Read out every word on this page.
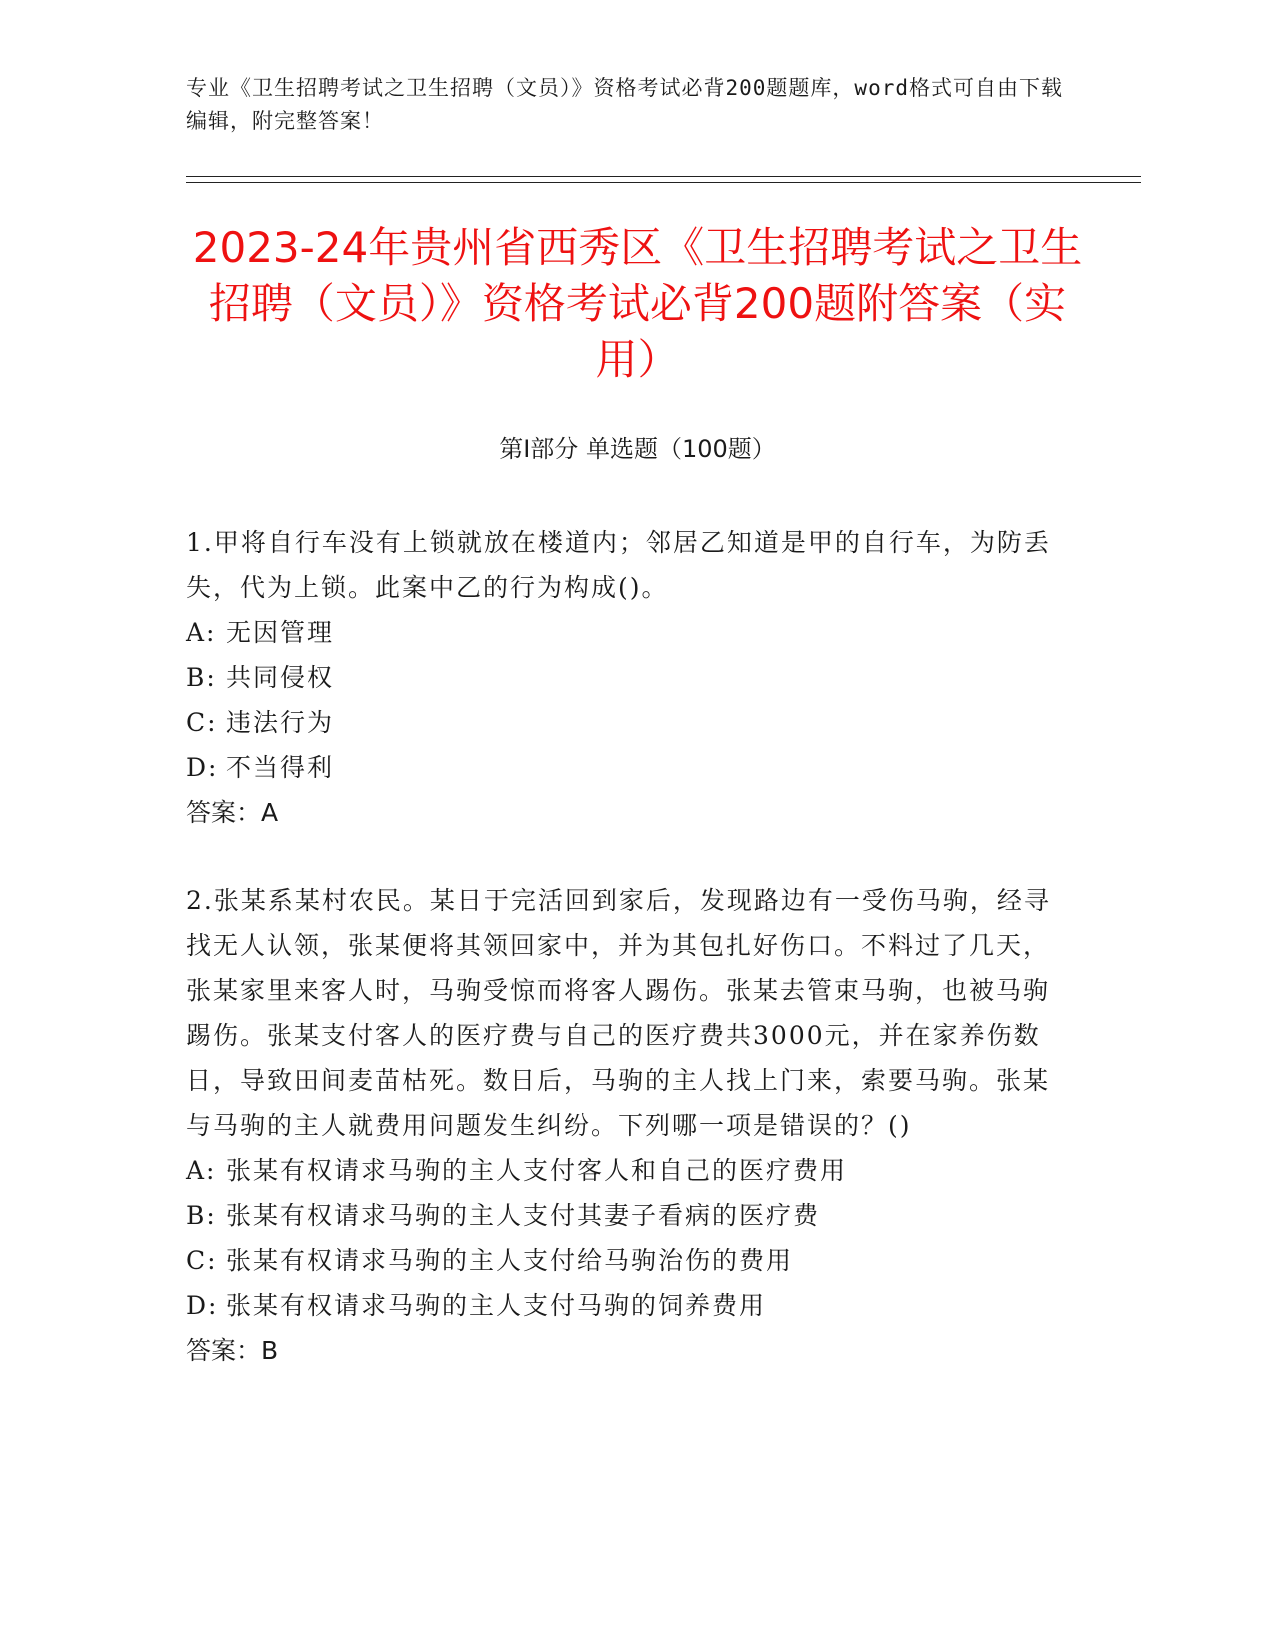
专业《卫生招聘考试之卫生招聘（文员）》资格考试必背200题题库，word格式可自由下载编辑，附完整答案！
2023-24年贵州省西秀区《卫生招聘考试之卫生招聘（文员）》资格考试必背200题附答案（实用）
第Ⅰ部分 单选题（100题）

1.甲将自行车没有上锁就放在楼道内；邻居乙知道是甲的自行车，为防丢失，代为上锁。此案中乙的行为构成()。

A: 无因管理

B: 共同侵权

C: 违法行为

D: 不当得利

答案：A

2.张某系某村农民。某日于完活回到家后，发现路边有一受伤马驹，经寻找无人认领，张某便将其领回家中，并为其包扎好伤口。不料过了几天，张某家里来客人时，马驹受惊而将客人踢伤。张某去管束马驹，也被马驹踢伤。张某支付客人的医疗费与自己的医疗费共3000元，并在家养伤数日，导致田间麦苗枯死。数日后，马驹的主人找上门来，索要马驹。张某与马驹的主人就费用问题发生纠纷。下列哪一项是错误的？()

A: 张某有权请求马驹的主人支付客人和自己的医疗费用

B: 张某有权请求马驹的主人支付其妻子看病的医疗费

C: 张某有权请求马驹的主人支付给马驹治伤的费用

D: 张某有权请求马驹的主人支付马驹的饲养费用

答案：B
